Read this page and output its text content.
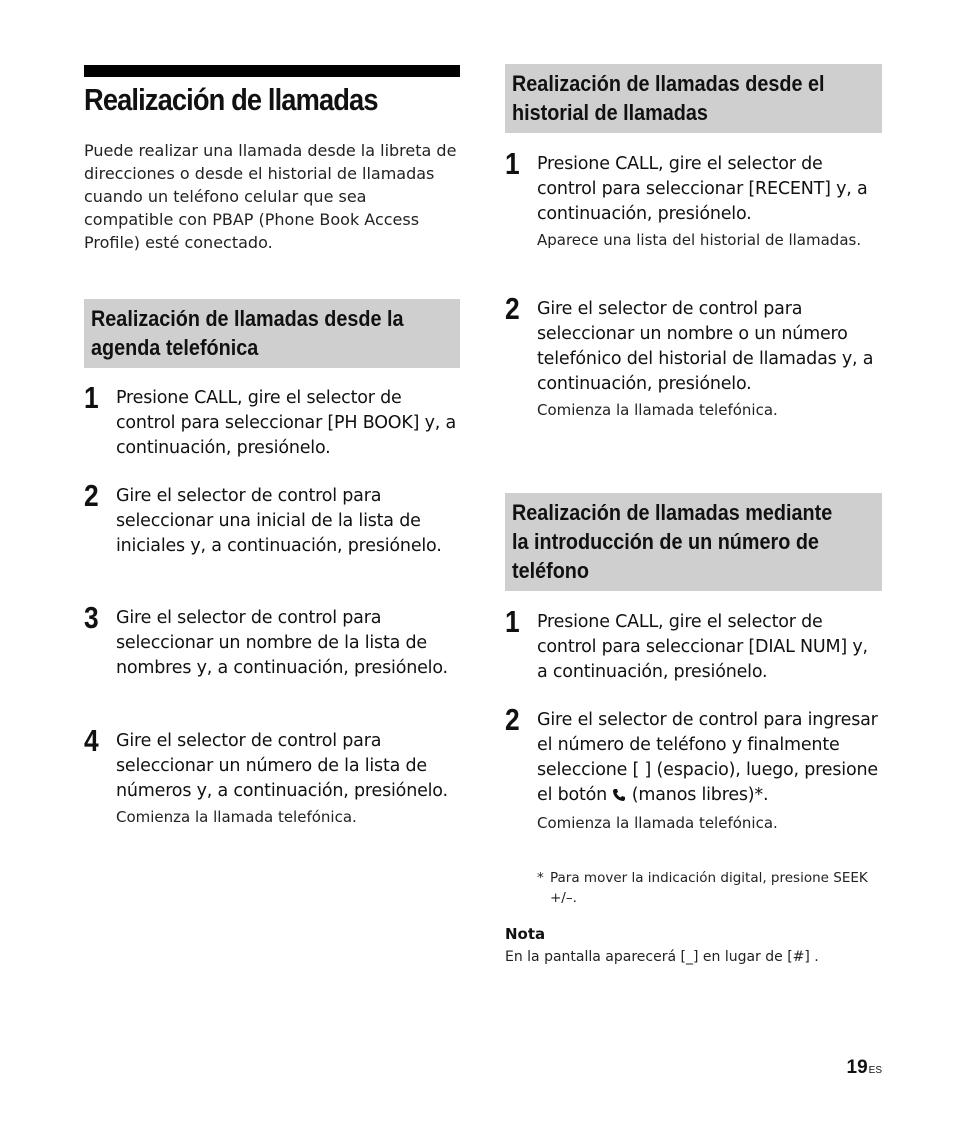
Realización de llamadas

Puede realizar una llamada desde la libreta de direcciones o desde el historial de llamadas cuando un teléfono celular que sea compatible con PBAP (Phone Book Access Profile) esté conectado.

Realización de llamadas desde la
agenda telefónica
1 Presione CALL, gire el selector de control para seleccionar [PH BOOK] y, a continuación, presiónelo.
2 Gire el selector de control para seleccionar una inicial de la lista de iniciales y, a continuación, presiónelo.
3 Gire el selector de control para seleccionar un nombre de la lista de nombres y, a continuación, presiónelo.
4 Gire el selector de control para seleccionar un número de la lista de números y, a continuación, presiónelo.
Comienza la llamada telefónica.
Realización de llamadas desde el
historial de llamadas
1 Presione CALL, gire el selector de control para seleccionar [RECENT] y, a continuación, presiónelo.
Aparece una lista del historial de llamadas.
2 Gire el selector de control para seleccionar un nombre o un número telefónico del historial de llamadas y, a continuación, presiónelo.
Comienza la llamada telefónica.
Realización de llamadas mediante
la introducción de un número de
teléfono
1 Presione CALL, gire el selector de control para seleccionar [DIAL NUM] y, a continuación, presiónelo.
2 Gire el selector de control para ingresar el número de teléfono y finalmente seleccione [ ] (espacio), luego, presione el botón  (manos libres)*.
Comienza la llamada telefónica.
* Para mover la indicación digital, presione SEEK +/–.
Nota
En la pantalla aparecerá [_] en lugar de [#] .
19ES
